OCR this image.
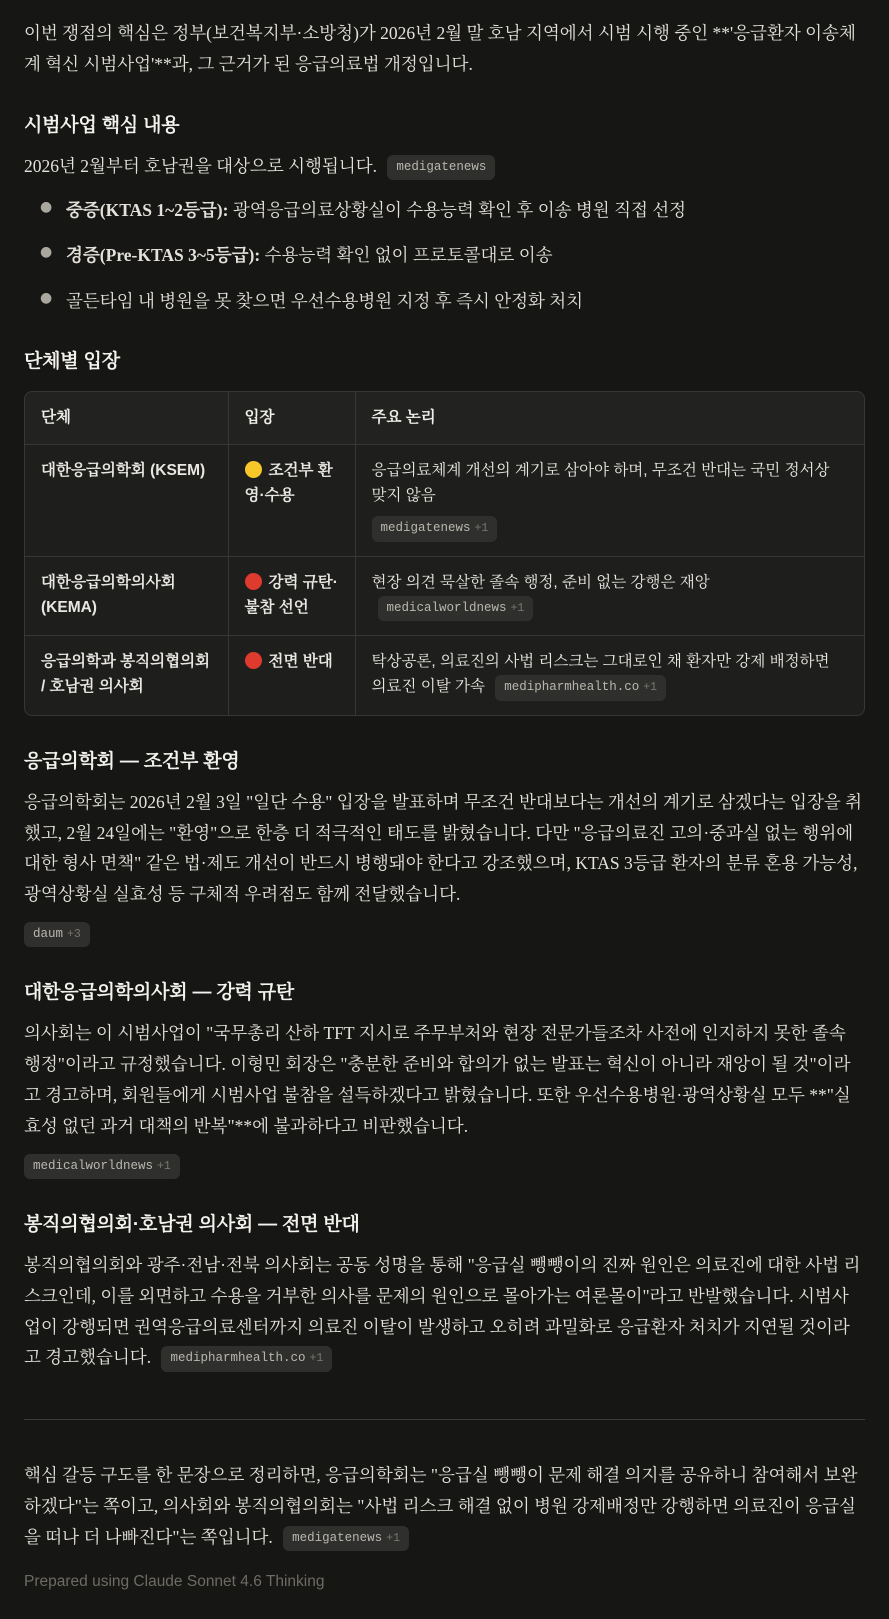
이번 쟁점의 핵심은 정부(보건복지부·소방청)가 2026년 2월 말 호남 지역에서 시범 시행 중인 **'응급환자 이송체계 혁신 시범사업'**과, 그 근거가 된 응급의료법 개정입니다.

시범사업 핵심 내용

2026년 2월부터 호남권을 대상으로 시행됩니다. medigatenews

● 중증(KTAS 1~2등급): 광역응급의료상황실이 수용능력 확인 후 이송 병원 직접 선정
● 경증(Pre-KTAS 3~5등급): 수용능력 확인 없이 프로토콜대로 이송
● 골든타임 내 병원을 못 찾으면 우선수용병원 지정 후 즉시 안정화 처치
단체별 입장
단체	입장	주요 논리
대한응급의학회 (KSEM)	조건부 환영·수용	응급의료체계 개선의 계기로 삼아야 하며, 무조건 반대는 국민 정서상 맞지 않음
medigatenews +1
대한응급의학의사회 (KEMA)	강력 규탄·불참 선언	현장 의견 묵살한 졸속 행정, 준비 없는 강행은 재앙 medicalworldnews +1
응급의학과 봉직의협의회 / 호남권 의사회	전면 반대	탁상공론, 의료진의 사법 리스크는 그대로인 채 환자만 강제 배정하면 의료진 이탈 가속 medipharmhealth.co +1
응급의학회 — 조건부 환영

응급의학회는 2026년 2월 3일 "일단 수용" 입장을 발표하며 무조건 반대보다는 개선의 계기로 삼겠다는 입장을 취했고, 2월 24일에는 "환영"으로 한층 더 적극적인 태도를 밝혔습니다. 다만 "응급의료진 고의·중과실 없는 행위에 대한 형사 면책" 같은 법·제도 개선이 반드시 병행돼야 한다고 강조했으며, KTAS 3등급 환자의 분류 혼용 가능성, 광역상황실 실효성 등 구체적 우려점도 함께 전달했습니다.

daum +3

대한응급의학의사회 — 강력 규탄

의사회는 이 시범사업이 "국무총리 산하 TFT 지시로 주무부처와 현장 전문가들조차 사전에 인지하지 못한 졸속 행정"이라고 규정했습니다. 이형민 회장은 "충분한 준비와 합의가 없는 발표는 혁신이 아니라 재앙이 될 것"이라고 경고하며, 회원들에게 시범사업 불참을 설득하겠다고 밝혔습니다. 또한 우선수용병원·광역상황실 모두 **"실효성 없던 과거 대책의 반복"**에 불과하다고 비판했습니다.

medicalworldnews +1

봉직의협의회·호남권 의사회 — 전면 반대

봉직의협의회와 광주·전남·전북 의사회는 공동 성명을 통해 "응급실 뺑뺑이의 진짜 원인은 의료진에 대한 사법 리스크인데, 이를 외면하고 수용을 거부한 의사를 문제의 원인으로 몰아가는 여론몰이"라고 반발했습니다. 시범사업이 강행되면 권역응급의료센터까지 의료진 이탈이 발생하고 오히려 과밀화로 응급환자 처치가 지연될 것이라고 경고했습니다. medipharmhealth.co +1

핵심 갈등 구도를 한 문장으로 정리하면, 응급의학회는 "응급실 뺑뺑이 문제 해결 의지를 공유하니 참여해서 보완하겠다"는 쪽이고, 의사회와 봉직의협의회는 "사법 리스크 해결 없이 병원 강제배정만 강행하면 의료진이 응급실을 떠나 더 나빠진다"는 쪽입니다. medigatenews +1

Prepared using Claude Sonnet 4.6 Thinking
